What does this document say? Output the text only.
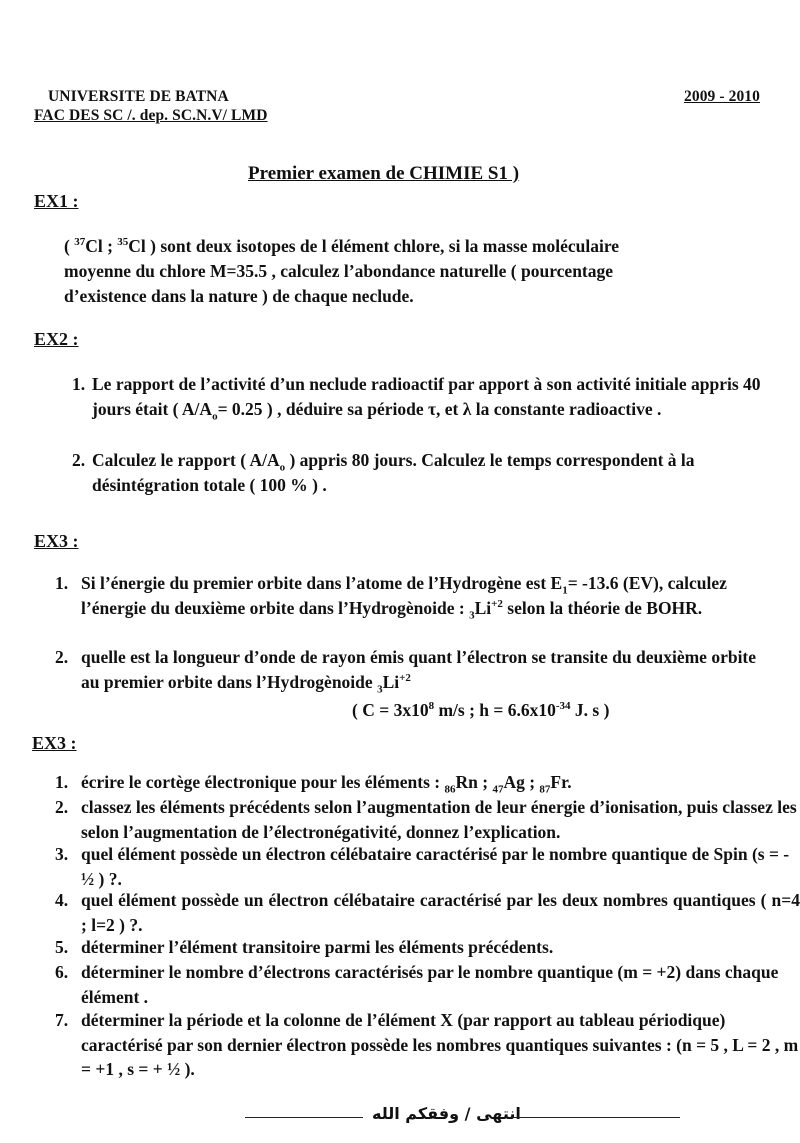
UNIVERSITE DE BATNA
FAC DES SC /. dep. SC.N.V/ LMD
2009 - 2010
Premier examen de CHIMIE S1 )
EX1 :
( $^{37}$Cl ; $^{35}$Cl ) sont deux isotopes de l élément chlore, si la masse moléculaire
moyenne du chlore M=35.5 , calculez l’abondance naturelle ( pourcentage
d’existence dans la nature ) de chaque neclude.
EX2 :
1. Le rapport de l’activité d’un neclude radioactif par apport à son activité initiale appris 40 jours était ( $A/A_o= 0.25$ ) , déduire sa période τ, et λ la constante radioactive .
2. Calculez le rapport ( $A/A_o$ ) appris 80 jours. Calculez le temps correspondent à la désintégration totale ( 100 % ) .
EX3 :
1. Si l’énergie du premier orbite dans l’atome de l’Hydrogène est $E_1= -13.6$ (EV), calculez l’énergie du deuxième orbite dans l’Hydrogènoide : $_3Li^{+2}$ selon la théorie de BOHR.
2. quelle est la longueur d’onde de rayon émis quant l’électron se transite du deuxième orbite au premier orbite dans l’Hydrogènoide $_3Li^{+2}$
( $C = 3x10^8$ m/s ; $h = 6.6x10^{-34}$ J. s )
EX3 :
1. écrire le cortège électronique pour les éléments : $_{86}$Rn ; $_{47}$Ag ; $_{87}$Fr.
2. classez les éléments précédents selon l’augmentation de leur énergie d’ionisation, puis classez les selon l’augmentation de l’électronégativité, donnez l’explication.
3. quel élément possède un électron célébataire caractérisé par le nombre quantique de Spin (s = - ½ ) ?.
4. quel élément possède un électron célébataire caractérisé par les deux nombres quantiques ( n=4 ; l=2 ) ?.
5. déterminer l’élément transitoire parmi les éléments précédents.
6. déterminer le nombre d’électrons caractérisés par le nombre quantique (m = +2) dans chaque élément .
7. déterminer la période et la colonne de l’élément X (par rapport au tableau périodique) caractérisé par son dernier électron possède les nombres quantiques suivantes : (n = 5 , L = 2 , m = +1 , s = + ½ ).
انتهى / وفقكم الله
